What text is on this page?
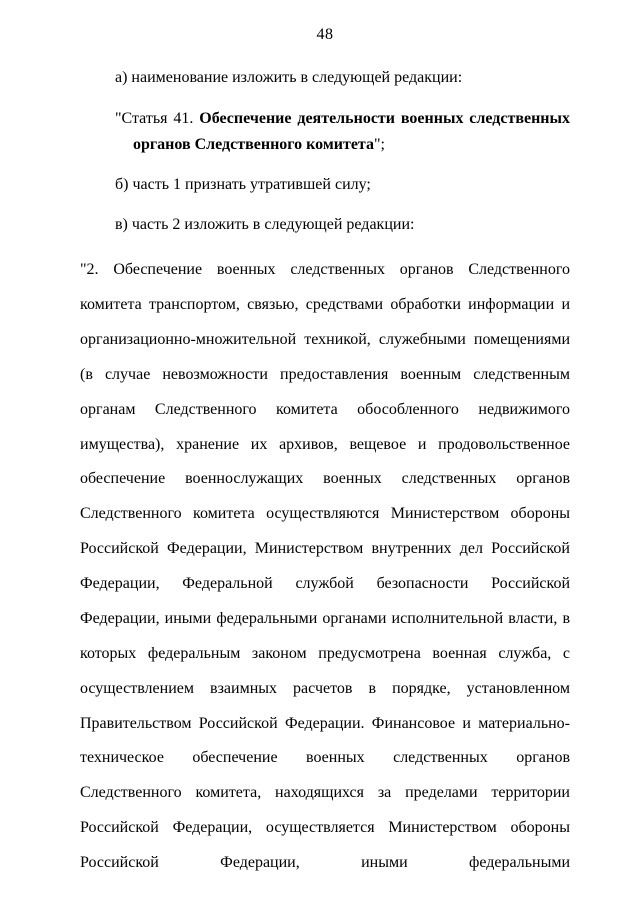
48

а) наименование изложить в следующей редакции:

"Статья 41. Обеспечение деятельности военных следственных органов Следственного комитета";

б) часть 1 признать утратившей силу;

в) часть 2 изложить в следующей редакции:

"2. Обеспечение военных следственных органов Следственного комитета транспортом, связью, средствами обработки информации и организационно-множительной техникой, служебными помещениями (в случае невозможности предоставления военным следственным органам Следственного комитета обособленного недвижимого имущества), хранение их архивов, вещевое и продовольственное обеспечение военнослужащих военных следственных органов Следственного комитета осуществляются Министерством обороны Российской Федерации, Министерством внутренних дел Российской Федерации, Федеральной службой безопасности Российской Федерации, иными федеральными органами исполнительной власти, в которых федеральным законом предусмотрена военная служба, с осуществлением взаимных расчетов в порядке, установленном Правительством Российской Федерации. Финансовое и материально-техническое обеспечение военных следственных органов Следственного комитета, находящихся за пределами территории Российской Федерации, осуществляется Министерством обороны Российской Федерации, иными федеральными
